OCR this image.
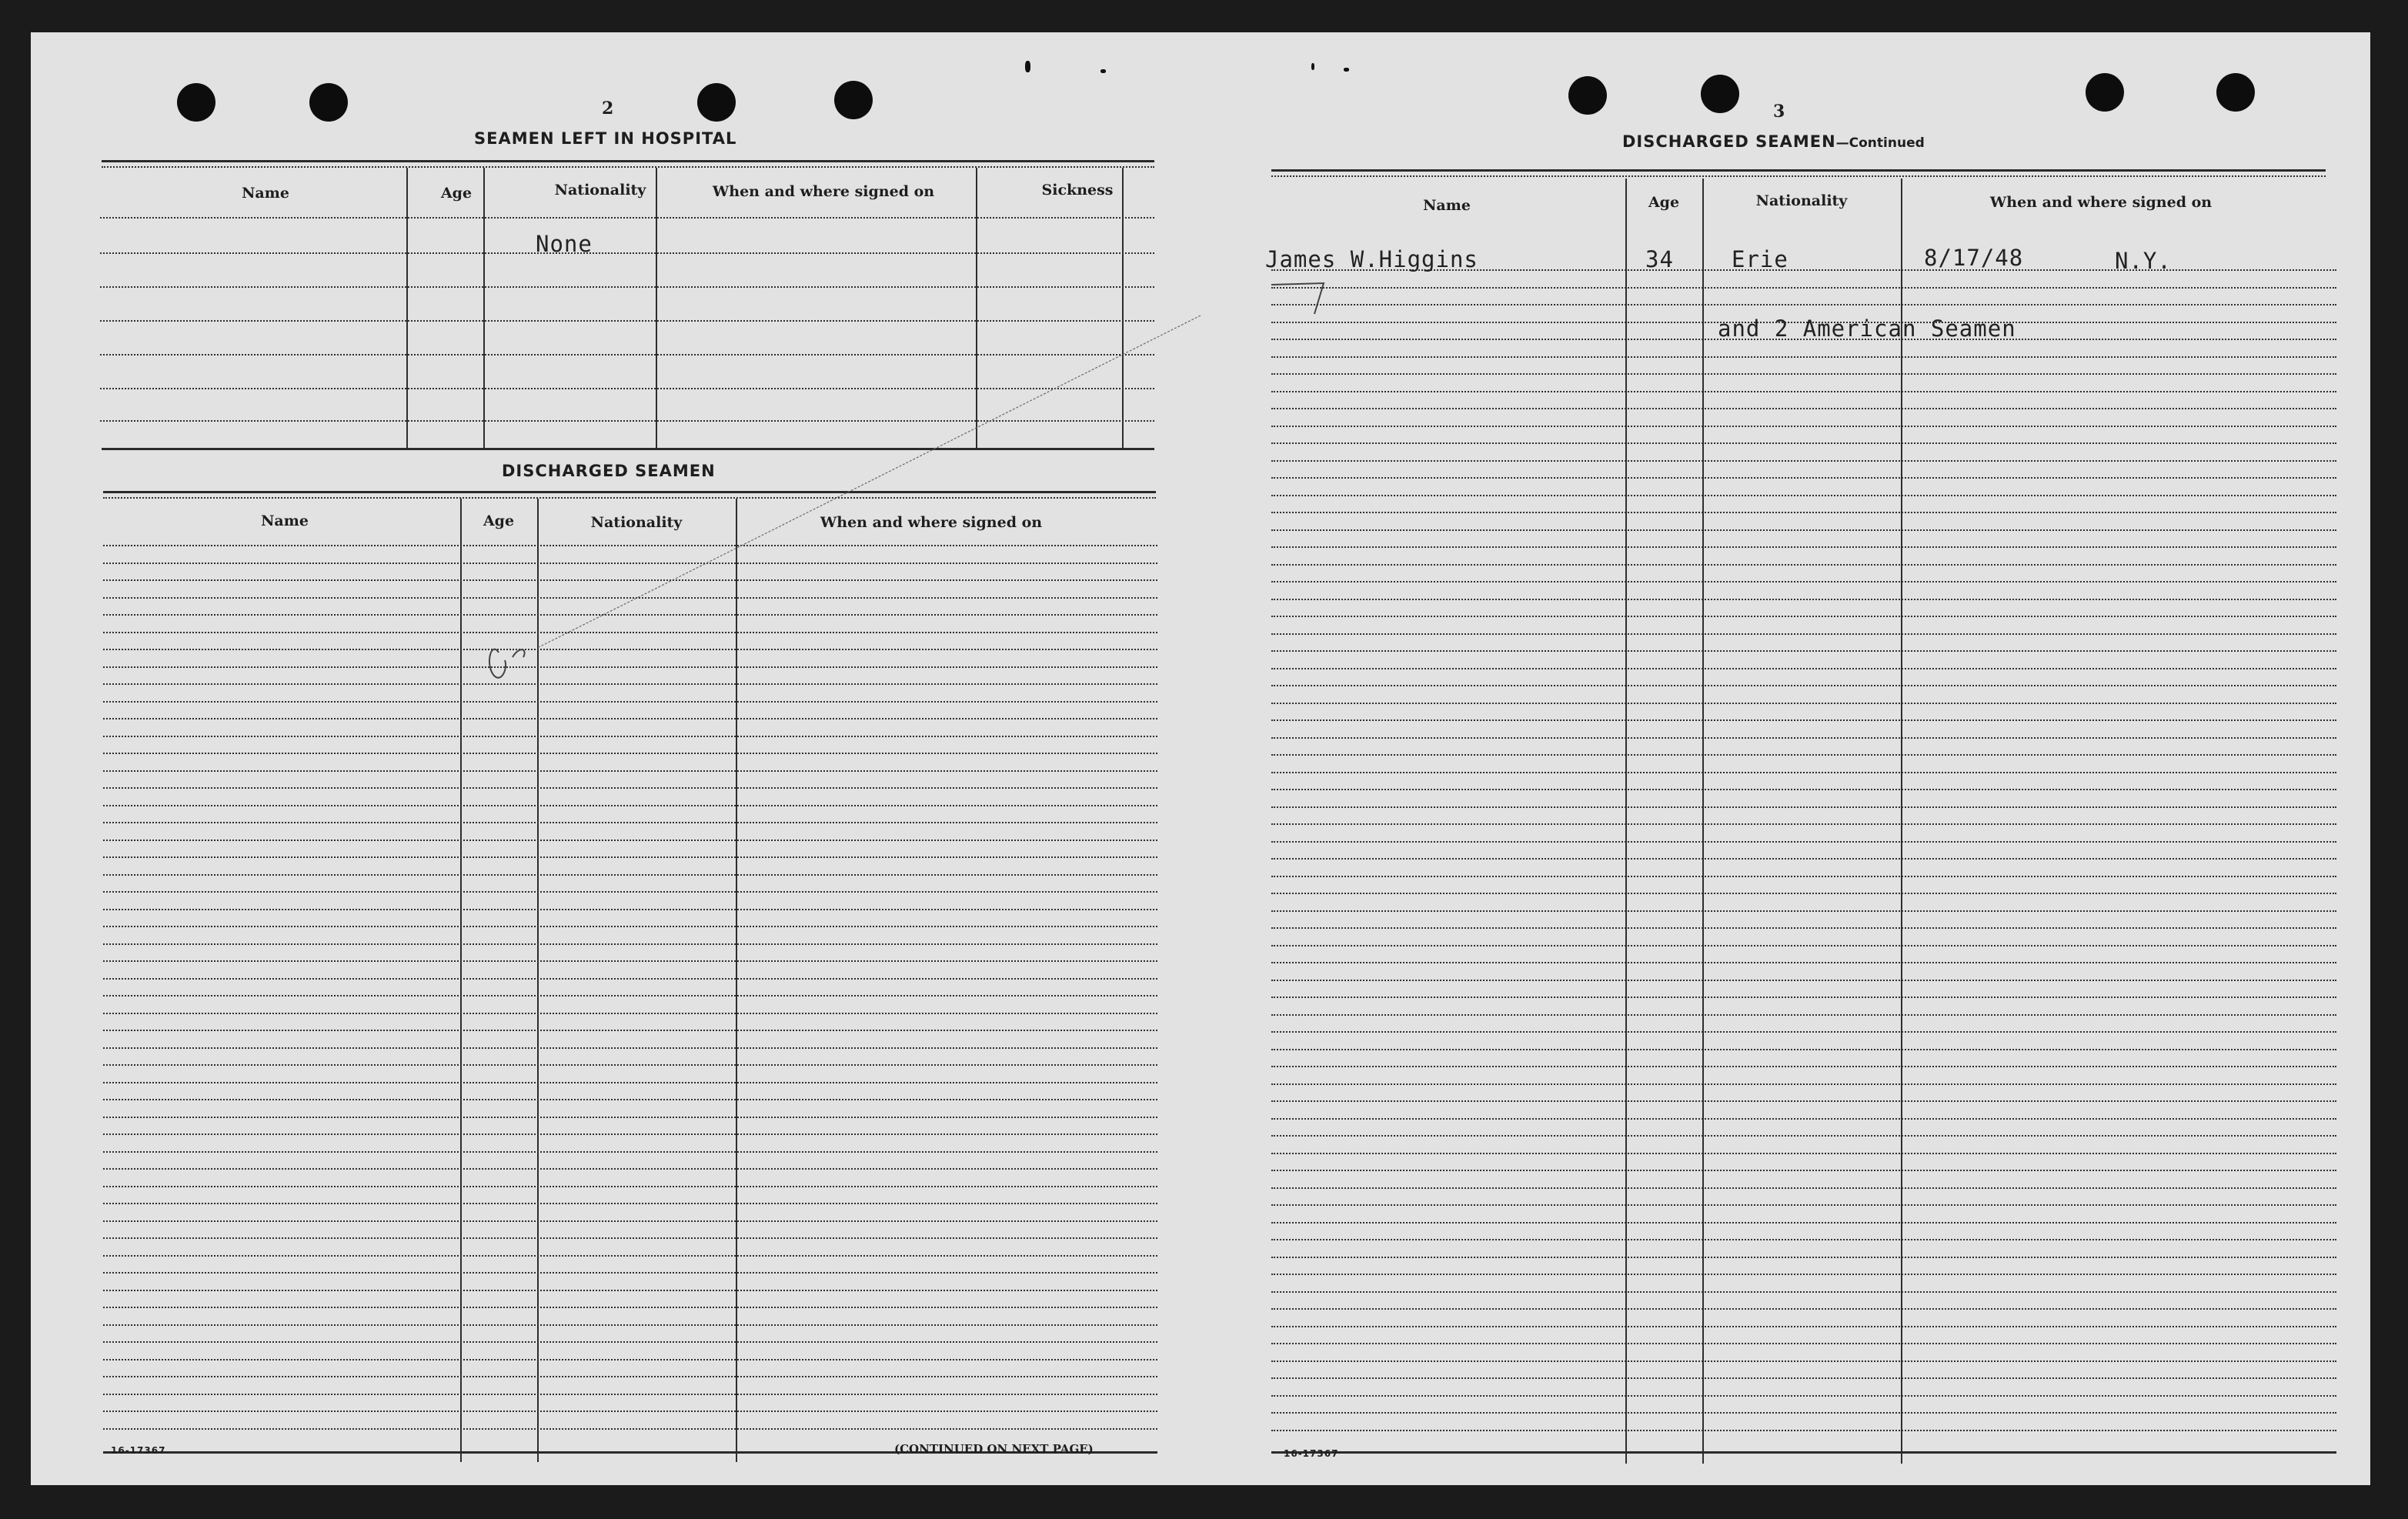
2
SEAMEN LEFT IN HOSPITAL
Name	Age	Nationality	When and where signed on	Sickness
None
DISCHARGED SEAMEN
Name	Age	Nationality	When and where signed on
16-17367	(CONTINUED ON NEXT PAGE)
3
DISCHARGED SEAMEN—Continued
Name	Age	Nationality	When and where signed on
James W.Higgins	34	Erie	8/17/48	N.Y.
and 2 American Seamen
16-17367
